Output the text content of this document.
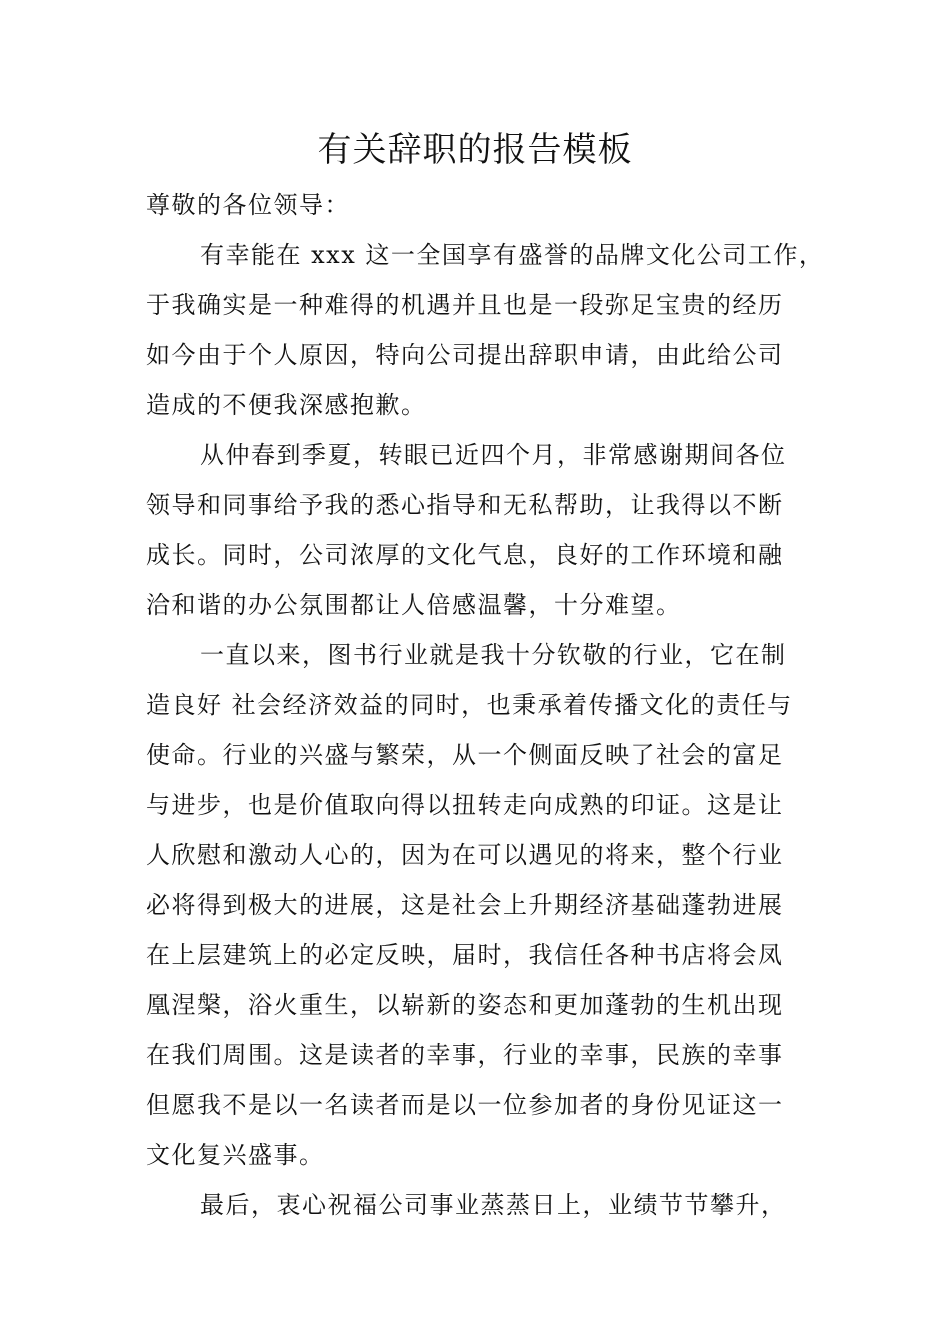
有关辞职的报告模板
尊敬的各位领导：
有幸能在 xxx 这一全国享有盛誉的品牌文化公司工作，
于我确实是一种难得的机遇并且也是一段弥足宝贵的经历
如今由于个人原因，特向公司提出辞职申请，由此给公司
造成的不便我深感抱歉。
从仲春到季夏，转眼已近四个月，非常感谢期间各位
领导和同事给予我的悉心指导和无私帮助，让我得以不断
成长。同时，公司浓厚的文化气息，良好的工作环境和融
洽和谐的办公氛围都让人倍感温馨，十分难望。
一直以来，图书行业就是我十分钦敬的行业，它在制
造良好 社会经济效益的同时，也秉承着传播文化的责任与
使命。行业的兴盛与繁荣，从一个侧面反映了社会的富足
与进步，也是价值取向得以扭转走向成熟的印证。这是让
人欣慰和激动人心的，因为在可以遇见的将来，整个行业
必将得到极大的进展，这是社会上升期经济基础蓬勃进展
在上层建筑上的必定反映，届时，我信任各种书店将会凤
凰涅槃，浴火重生，以崭新的姿态和更加蓬勃的生机出现
在我们周围。这是读者的幸事，行业的幸事，民族的幸事
但愿我不是以一名读者而是以一位参加者的身份见证这一
文化复兴盛事。
最后，衷心祝福公司事业蒸蒸日上，业绩节节攀升，
